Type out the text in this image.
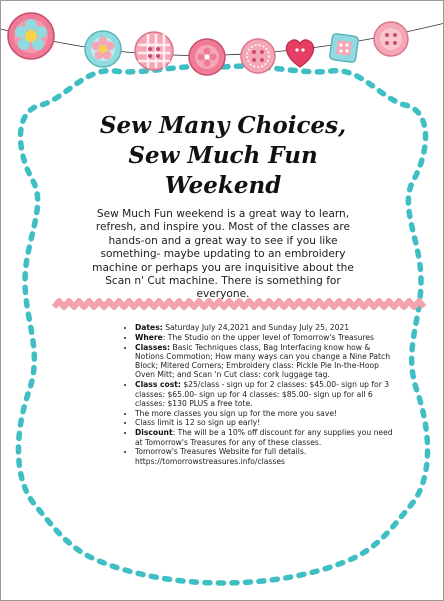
Sew Many Choices,
Sew Much Fun
Weekend

Sew Much Fun weekend is a great way to learn, refresh, and inspire you. Most of the classes are hands-on and a great way to see if you like something- maybe updating to an embroidery machine or perhaps you are inquisitive about the Scan n' Cut machine. There is something for everyone.

• Dates: Saturday July 24,2021 and Sunday July 25, 2021
• Where: The Studio on the upper level of Tomorrow's Treasures
• Classes: Basic Techniques class, Bag Interfacing know how & Notions Commotion; How many ways can you change a Nine Patch Block; Mitered Corners; Embroidery class: Pickle Pie In-the-Hoop Oven Mitt; and Scan 'n Cut class: cork luggage tag.
• Class cost: $25/class - sign up for 2 classes: $45.00- sign up for 3 classes: $65.00- sign up for 4 classes: $85.00- sign up for all 6 classes: $130 PLUS a free tote.
• The more classes you sign up for the more you save!
• Class limit is 12 so sign up early!
• Discount: The will be a 10% off discount for any supplies you need at Tomorrow's Treasures for any of these classes.
• Tomorrow's Treasures Website for full details. https://tomorrowstreasures.info/classes
